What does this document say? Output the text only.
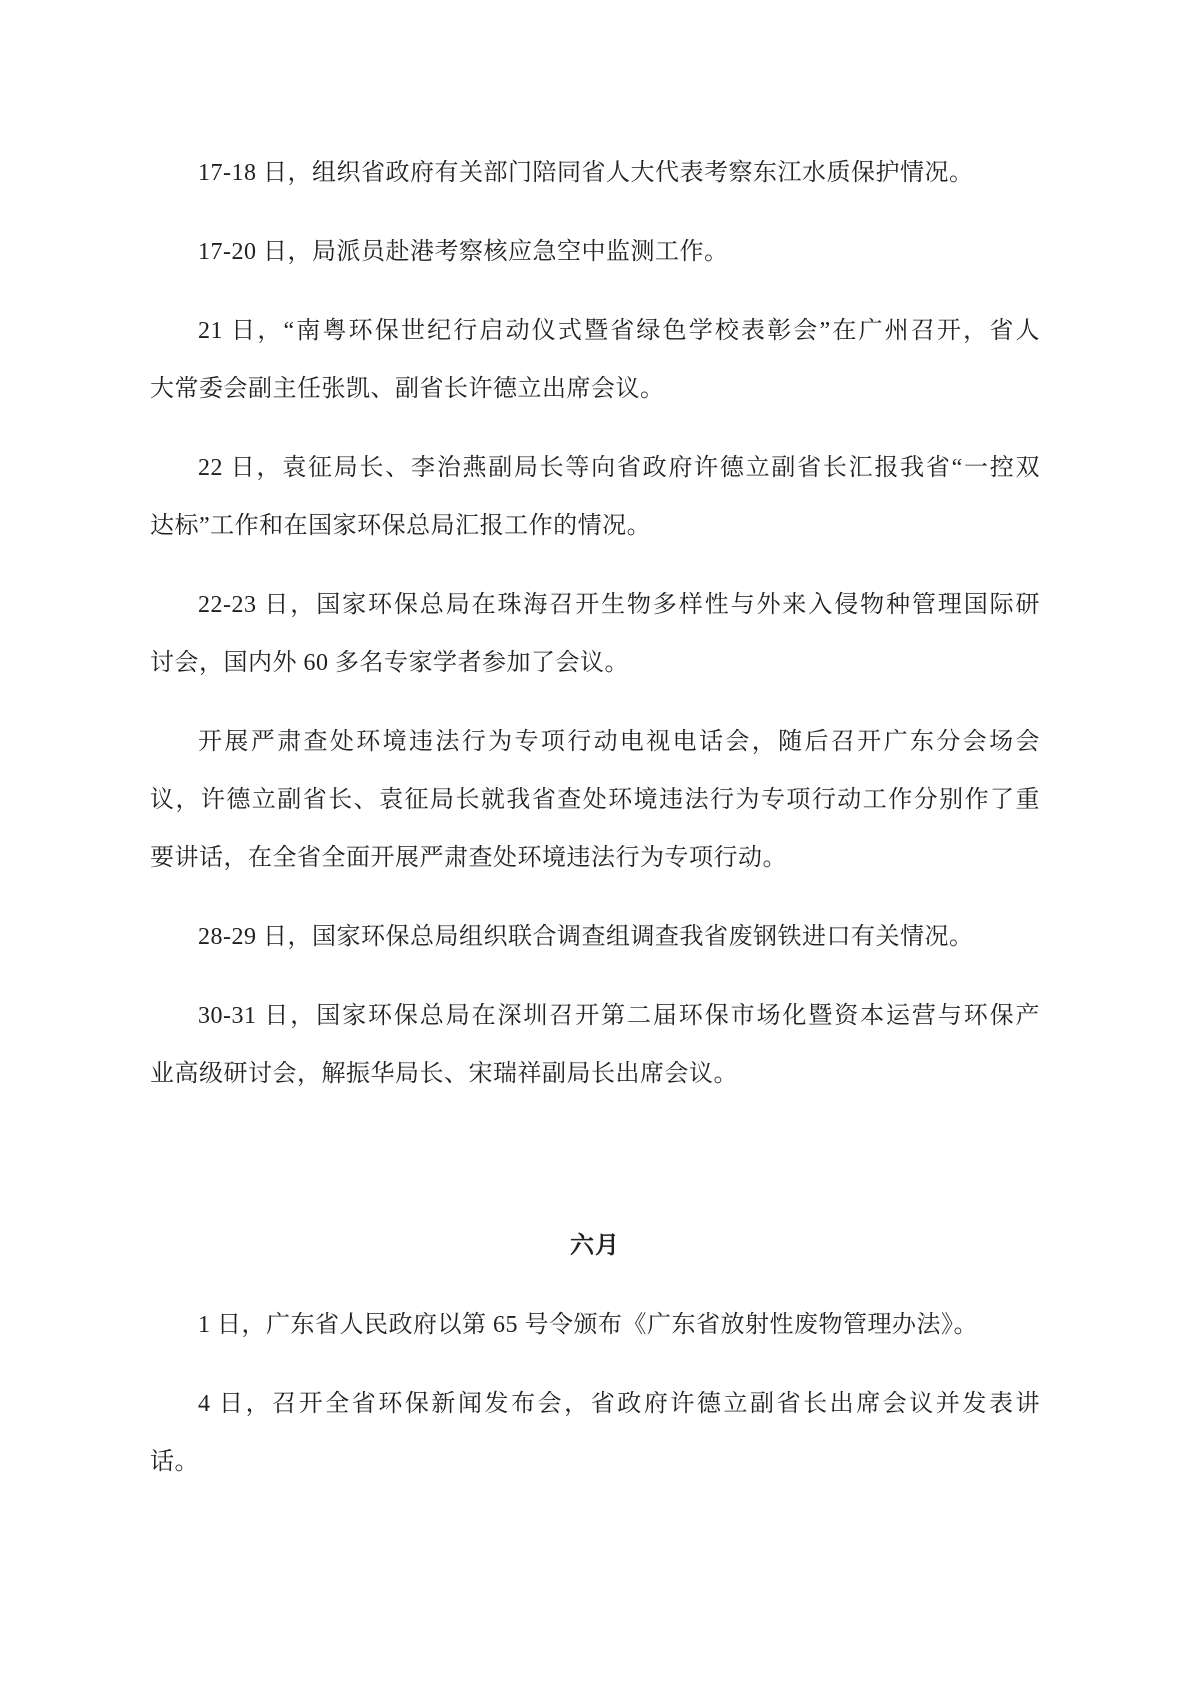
17-18 日，组织省政府有关部门陪同省人大代表考察东江水质保护情况。

17-20 日，局派员赴港考察核应急空中监测工作。

21 日，“南粤环保世纪行启动仪式暨省绿色学校表彰会”在广州召开，省人
大常委会副主任张凯、副省长许德立出席会议。

22 日，袁征局长、李治燕副局长等向省政府许德立副省长汇报我省“一控双
达标”工作和在国家环保总局汇报工作的情况。

22-23 日，国家环保总局在珠海召开生物多样性与外来入侵物种管理国际研
讨会，国内外 60 多名专家学者参加了会议。

开展严肃查处环境违法行为专项行动电视电话会，随后召开广东分会场会
议，许德立副省长、袁征局长就我省查处环境违法行为专项行动工作分别作了重
要讲话，在全省全面开展严肃查处环境违法行为专项行动。

28-29 日，国家环保总局组织联合调查组调查我省废钢铁进口有关情况。

30-31 日，国家环保总局在深圳召开第二届环保市场化暨资本运营与环保产
业高级研讨会，解振华局长、宋瑞祥副局长出席会议。

六月

1 日，广东省人民政府以第 65 号令颁布《广东省放射性废物管理办法》。

4 日，召开全省环保新闻发布会，省政府许德立副省长出席会议并发表讲
话。
